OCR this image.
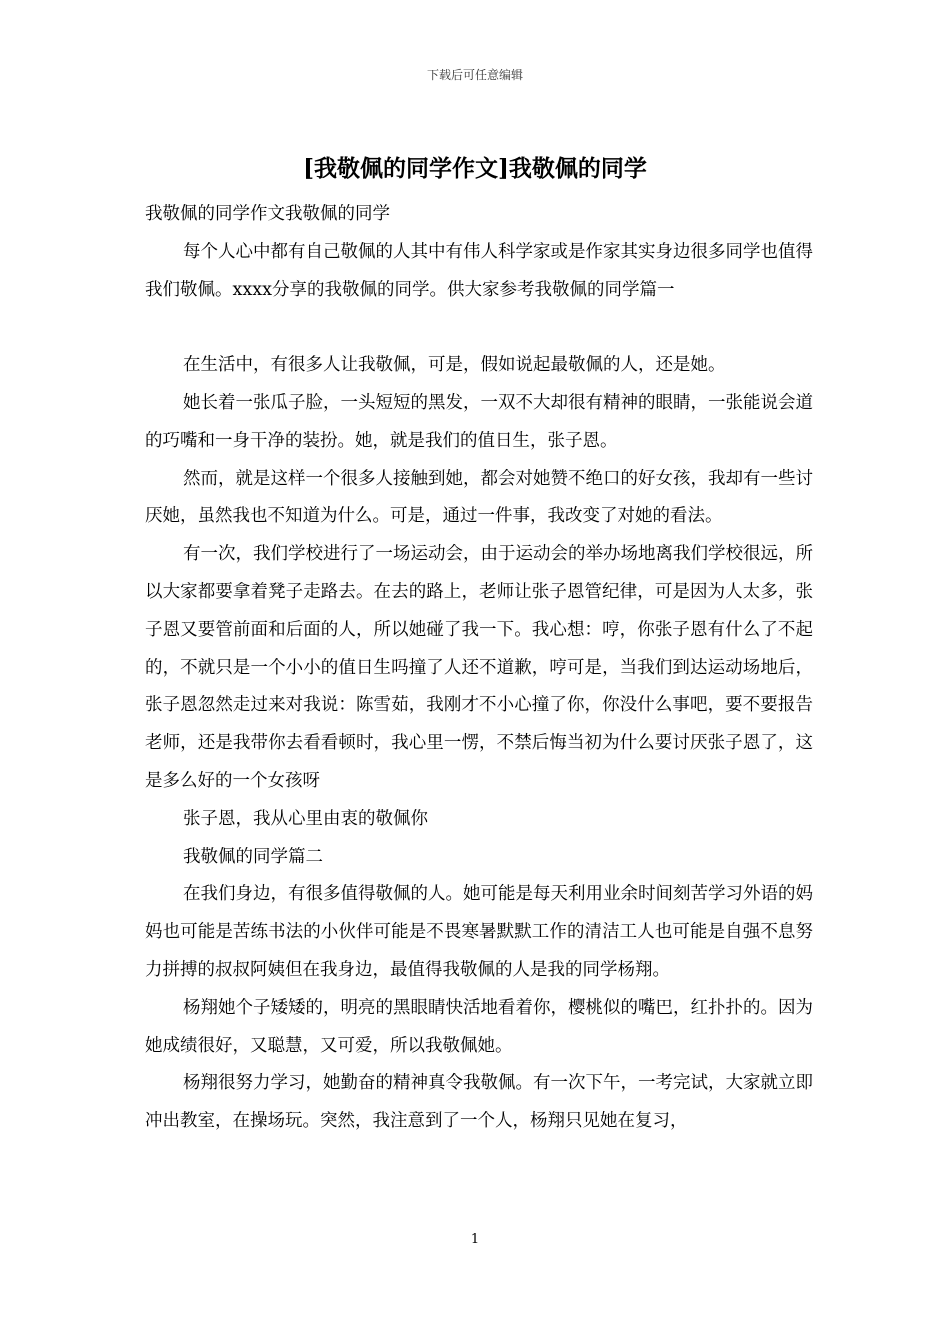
下载后可任意编辑
[我敬佩的同学作文]我敬佩的同学

我敬佩的同学作文我敬佩的同学

每个人心中都有自己敬佩的人其中有伟人科学家或是作家其实身边很多同学也值得我们敬佩。xxxx分享的我敬佩的同学。供大家参考我敬佩的同学篇一

在生活中，有很多人让我敬佩，可是，假如说起最敬佩的人，还是她。

她长着一张瓜子脸，一头短短的黑发，一双不大却很有精神的眼睛，一张能说会道的巧嘴和一身干净的装扮。她，就是我们的值日生，张子恩。

然而，就是这样一个很多人接触到她，都会对她赞不绝口的好女孩，我却有一些讨厌她，虽然我也不知道为什么。可是，通过一件事，我改变了对她的看法。

有一次，我们学校进行了一场运动会，由于运动会的举办场地离我们学校很远，所以大家都要拿着凳子走路去。在去的路上，老师让张子恩管纪律，可是因为人太多，张子恩又要管前面和后面的人，所以她碰了我一下。我心想：哼，你张子恩有什么了不起的，不就只是一个小小的值日生吗撞了人还不道歉，哼可是，当我们到达运动场地后，张子恩忽然走过来对我说：陈雪茹，我刚才不小心撞了你，你没什么事吧，要不要报告老师，还是我带你去看看顿时，我心里一愣，不禁后悔当初为什么要讨厌张子恩了，这是多么好的一个女孩呀

张子恩，我从心里由衷的敬佩你

我敬佩的同学篇二

在我们身边，有很多值得敬佩的人。她可能是每天利用业余时间刻苦学习外语的妈妈也可能是苦练书法的小伙伴可能是不畏寒暑默默工作的清洁工人也可能是自强不息努力拼搏的叔叔阿姨但在我身边，最值得我敬佩的人是我的同学杨翔。

杨翔她个子矮矮的，明亮的黑眼睛快活地看着你，樱桃似的嘴巴，红扑扑的。因为她成绩很好，又聪慧，又可爱，所以我敬佩她。

杨翔很努力学习，她勤奋的精神真令我敬佩。有一次下午，一考完试，大家就立即冲出教室，在操场玩。突然，我注意到了一个人，杨翔只见她在复习，

1
